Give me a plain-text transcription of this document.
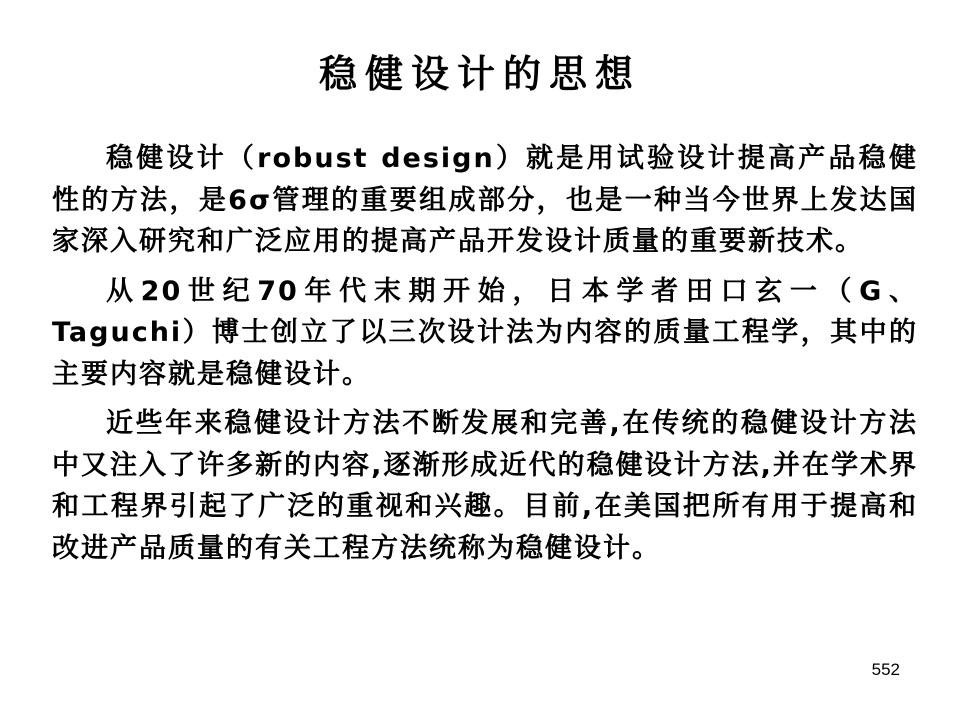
稳健设计的思想

稳健设计（robust design）就是用试验设计提高产品稳健性的方法，是6σ管理的重要组成部分，也是一种当今世界上发达国家深入研究和广泛应用的提高产品开发设计质量的重要新技术。

从20世纪70年代末期开始，日本学者田口玄一（G、Taguchi）博士创立了以三次设计法为内容的质量工程学，其中的主要内容就是稳健设计。

近些年来稳健设计方法不断发展和完善,在传统的稳健设计方法中又注入了许多新的内容,逐渐形成近代的稳健设计方法,并在学术界和工程界引起了广泛的重视和兴趣。目前,在美国把所有用于提高和改进产品质量的有关工程方法统称为稳健设计。

552
